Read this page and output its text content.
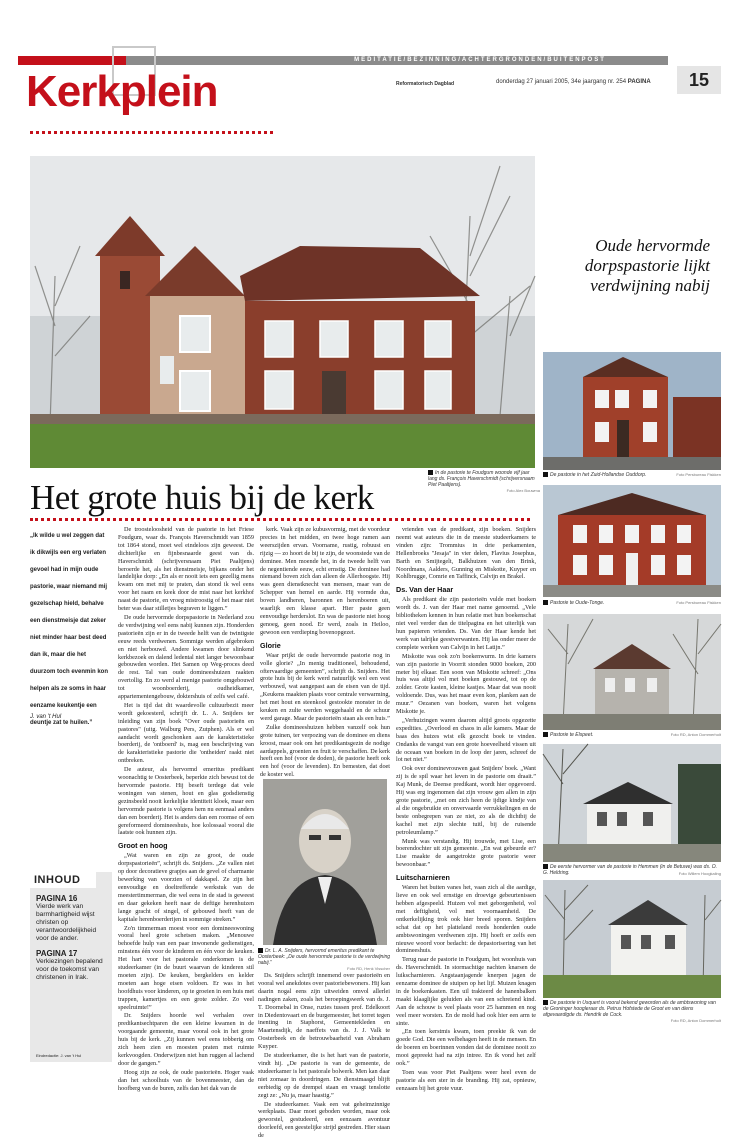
MEDITATIE/BEZINNING/ACHTERGRONDEN/BUITENPOST
Kerkplein	Reformatorisch Dagblad	donderdag 27 januari 2005, 34e jaargang nr. 254 PAGINA	15
Oude hervormde dorpspastorie lijkt verdwijning nabij
In de pastorie te Foudgum woonde vijf jaar lang ds. François Haverschmidt (schrijversnaam Piet Paaltjens).
Foto Alex Bouwma
Het grote huis bij de kerk
„Ik wilde u wel zeggen dat ik dikwijls een erg verlaten gevoel had in mijn oude pastorie, waar niemand mij gezelschap hield, behalve een dienstmeisje dat zeker niet minder haar best deed dan ik, maar die het duurzom toch evenmin kon helpen als ze soms in haar eenzame keukentje een deuntje zat te huilen.”
J. van 't Hul

De troosteloosheid van de pastorie in het Friese Foudgum, waar ds. François Haverschmidt van 1859 tot 1864 stond, moet wel eindeloos zijn geweest. De dichterlijke en fijnbesnaarde geest van ds. Haverschmidt (schrijversnaam Piet Paaltjens) beroerde het, als het dienstmeisje, bijkans onder het landelijke dorp: „En als er nooit iets een gezellig mens kwam om met mij te praten, dan stond ik wel eens voor het raam en keek door de mist naar het kerkhof naast de pastorie, en vroeg mistroostig of het maar niet beter was daar stilletjes begraven te liggen.”

De oude hervormde dorpspastorie in Nederland zou de verdwijning wel eens nabij kunnen zijn. Honderden pastorieën zijn er in de tweede helft van de twintigste eeuw reeds verdwenen. Sommige werden afgebroken en niet herbouwd. Andere kwamen door slinkend kerkbezoek en dalend ledental niet langer bewoonbaar gebouwden worden. Het Samen op Weg-proces deed de rest. Tal van oude domineeshuizen raakten overtollig. En zo werd al menige pastorie omgebouwd tot woonboerderij, oudheidkamer, appartementengebouw, doktershuis of zelfs wel café.

Het is tijd dat dit waardevolle cultuurbezit meer wordt gekoesterd, schrijft dr. L. A. Snijders ter inleiding van zijn boek "Over oude pastorieën en pastores" (uitg. Walburg Pers, Zutphen). Als er wel aandacht wordt geschonken aan de karakteristieke boerderij, de 'ontboerd' is, mag een beschrijving van de karakteristieke pastorie die 'ontheiden' raakt niet ontbreken.

De auteur, als hervormd emeritus predikant woonachtig te Oosterbeek, beperkte zich bewust tot de hervormde pastorie. Hij beseft terdege dat vele woningen van stenen, hout en glas godsdienstig gezinsbeeld nooit kerkelijke identiteit kloek, maar een hervormde pastorie is volgens hem nu eenmaal anders dan een boerderij. Het is anders dan een roomse of een gereformeerd domineeshuis, hoe kolossaal vooral die laatste ook hunnen zijn.

Groot en hoog

„Wat waren en zijn ze groot, de oude dorpspastorieën”, schrijft ds. Snijders. „Ze vallen niet op door decoratieve grapjes aan de gevel of charmante bewerking van voorzien of dakkapel. Ze zijn het eenvoudige en doeltreffende werkstuk van de meestertimmerman, die wel eens in de stad is geweest en daar gekeken heeft naar de deftige herenhuizen lange gracht of singel, of gebouwd heeft van de kapitale herenboerderijen in sommige streken.”

Zo'n timmerman moest voor een domineeswoning vooral heel grote schetsen maken. „Menouwe behoefde hulp van een paar inwonende gedienstigen, minstens één voor de kinderen en één voor de keuken. Het hart voor het pastorale onderkomen is de studeerkamer (in de buurt waarvan de kinderen stil moeten zijn). De keuken, bergkelders en kelder moeten aan hoge eisen voldoen. Er was in het hoofdhuis voor kinderen, op te groeien in een huis met trappen, kamertjes en een grote zolder. Zo veel speelruimte!”

Dr. Snijders hoorde wel verhalen over predikantsechtparen die een kleine kwamen in de voorgaande gemeente, maar vooral ook in het grote huis bij de kerk. „Zij kunnen wel eens tobberig om zich heen zien en moesten praten met ruimte kerkvoogden. Onderwijzen niet hun ruggen al lachend door de gangen.”

Hoog zijn ze ook, de oude pastorieën. Hoger vaak dan het schoolhuis van de bovenmeester, dan de hoofberg van de buren, zelfs dan het dak van de

kerk. Vaak zijn ze kubusvormig, met de voordeur precies in het midden, en twee hoge ramen aan weerszijden ervan. Voorname, rustig, robuust en rijzig — zo hoort de bij te zijn, de woonstede van de dominee. Men moende het, in de tweede helft van de negentiende eeuw, echt ernstig. De dominee had niemand boven zich dan alleen de Allerhoogste. Hij was geen dienstknecht van mensen, maar van de Schepper van hemel en aarde. Hij vormde dus, boven landheren, baronnen en herenboeren uit, waarlijk een klasse apart. Hier paste geen eenvoudige herderslot. En was de pastorie niet hoog genoeg, geen nood. Er werd, zoals in Heiloo, gewoon een verdieping bovenopgezet.

Glorie

Waar prijkt de oude hervormde pastorie nog in volle glorie? „In menig traditioneel, behoudend, oftervaardige gemeenten”, schrijft ds. Snijders. Het grote huis bij de kerk werd natuurlijk wel een vest verbouwd, wat aangepast aan de eisen van de tijd. „Keukens maakten plaats voor centrale verwarming, het met hout en steenkool gestookte monster in de keuken en zulte werden weggehaald en de schuur werd garage. Maar de pastorieën staan als een huis.”

Zulke domineeshuizen hebben vanzelf ook hun grote tuinen, ter verpozing van de dominee en diens kroost, maar ook om het predikantsgezin de nodige aardappels, groenten en fruit te verschaffen. De kerk heeft een hof (voor de doden), de pastorie heeft ook een hof (voor de levenden). En bemesten, dat doet de koster wel.

Dr. L. A. Snijders, hervormd emeritus predikant te Oosterbeek: „De oude hervormde pastorie is de verdwijning nabij.”
Foto RD, Henk Visscher

Ds. Snijders schrijft innemend over pastorieën en vooral wel anekdotes over pastoriebewoners. Hij kan daarin nogal eens zijn uitweiden omvol allerlei nadingen zaken, zoals het beroepingswerk van ds. J. T. Doornebal in Onse, ruzies tussen prof. Edelkoort in Diedentovaart en de burgemeester, het torret tegen inenting in Staphorst, Gemeentekleden en Maartensdijk, de naeffets van ds. J. J. Valk te Oosterbeek en de betrouwbaarheid van Abraham Kuyper.

De studeerkamer, die is het hart van de pastorie, vindt hij. „De pastorie is van de gemeente, de studeerkamer is het pastorale bolwerk. Men kan daar niet zomaar in doordringen. De dienstmaagd blijft eerbiedig op de drempel staan en vraagt tenslotte zegt ze: „Nu ja, maar haastig.”

De studeerkamer. Vaak een vat geheimzinnige werkplaats. Daar moet geboden worden, maar ook geworstel, gestudeerd, een eenzaam avontuur doorleefd, een geestelijke strijd gestreden. Hier staan de

vrienden van de predikant, zijn boeken. Snijders neemt wat auteurs die in de meeste studeerkamers te vinden zijn: Trommius in drie perkamenten, Hellenbroeks "Jesaja" in vier delen, Flavius Josephus, Barth en Smijtegelt, Balkhuizen van den Brink, Noordmans, Aalders, Gunning en Miskotte, Kuyper en Kohlbrugge, Comrie en Taffinck, Calvijn en Brakel.

Ds. Van der Haar

Als predikant die zijn pastorieën vulde met boeken wordt ds. J. van der Haar met name genoemd. „Vele bibliotheken kennen in hun relatie met hun boekenschat niet veel verder dan de titelpagina en het uiterlijk van hun papieren vrienden. Ds. Van der Haar kende het werk van talrijke geestverwanten. Hij las onder meer de complete werken van Calvijn in het Latijn.”

Miskotte was ook zo'n boekenwurm. In drie kamers van zijn pastorie in Voorrit stonden 9000 boeken, 200 meter bij elkaar. Een soon van Miskotte schreef: „Ons huis was altijd vol met boeken gestouwd, tot op de zolder. Grote kasten, kleine kastjes. Maar dat was nooit voldoende. Dus, was het maar even kon, planken aan de muur.” Oezanen van boeken, waren het volgens Miskotte je.

„Verhuizingen waren daarom altijd groots opgezette expedities. „Overlood en chaos in alle kamers. Maar de baas des huizes wist elk gezocht boek te vinden. Ondanks de vangst van een grote hoeveelheid vissen uit de oceaan van boeken in de loop der jaren, schreef de lot net niet.”

Ook over dominevrouwen gaat Snijders' boek. „Want zij is de spil waar het leven in de pastorie om draait.” Kaj Munk, de Deense predikant, wordt hier opgevoerd. Hij was erg ingenomen dat zijn vrouw gen allen in zijn grote pastorie, „met om zich heen de ijdige kindje van al die ongebruikte en onvervaarde verrukkelingen en de beste onbegrepen van ze niet, zo als de dichtbij de kachel met zijn slechte tuitl, bij de ruisende petroleumlamp.”

Munk was verstandig. Hij trouwde, met Lise, een boerendochter uit zijn gemeente. „En wat gebeurde er? Lise maakte de aangetrokte grote pastorie weer bewoonbaar.”

Luitscharnieren

Waren het buiten vanes het, vaan zich al die aardige, lieve en ook wel ernstige en droevige gebeurtenissen hebben afgespeeld. Huizen vol met geborgenheid, vol met deftigheid, vol met voornaamheid. De ontkerkelijking trok ook hier breed sporen. Snijders schat dat op het platteland reeds honderden oude ambtswoningen verdwenen zijn. Hij hoeft er zelfs een nieuwe woord voor bedacht: de depastorisering van het domineeshuis.

Terug naar de pastorie in Foudgum, het woonhuis van ds. Haverschmidt. In stormachtige nachten knarsen de luikscharnieren. Angstaanjagende knerpen jagen de eenzame dominee de stuipen op het lijf. Muizen knagen in de boekenkasten. Een uil trakteerd de hanenbalken maakt klaaglijke geluiden als van een schreiend kind. Aan de schouw is veel plaats voor 25 hammen en nog veel meer worsten. En de mold had ook hier een arm te sinte.

„En toen kerstmis kwam, toen preekte ik van de goede God. Die een welbehagen heeft in de mensen. En de boeren en boerinnen vonden dat de dominee nooit zo mooi gepreekt had na zijn intree. En ik vond het zelf ook.”

Toen was voor Piet Paaltjens weer heel even de pastorie als een ster in de branding. Hij zat, opnieuw, eenzaam bij het grote vuur.

INHOUD
PAGINA 16

Vierde werk van barmhartigheid wijst christen op verantwoordelijkheid voor de ander.

PAGINA 17

Verkiezingen bepalend voor de toekomst van christenen in Irak.

Eindredactie: J. van 't Hul
De pastorie in het Zuid-Hollandse Ouddorp.	Foto Persbureau Fiskken
Pastorie te Oude-Tonge.	Foto Persbureau Fiskken
Pastorie te Elspeet.	Foto RD, Anton Dommerholt
De eerste hervormer van de pastorie in Hemmen (in de Betuwe) was ds. O. G. Heldring.	Foto Willem Hoogkaling
De pastorie in Usquert is vooral bekend geworden als de ambtswoning van de Groninger hoogleraar ds. Petrus Hofstede de Groot en van diens afgevaardigde ds. Hendrik de Cock.
Foto RD, Anton Dommerholt
